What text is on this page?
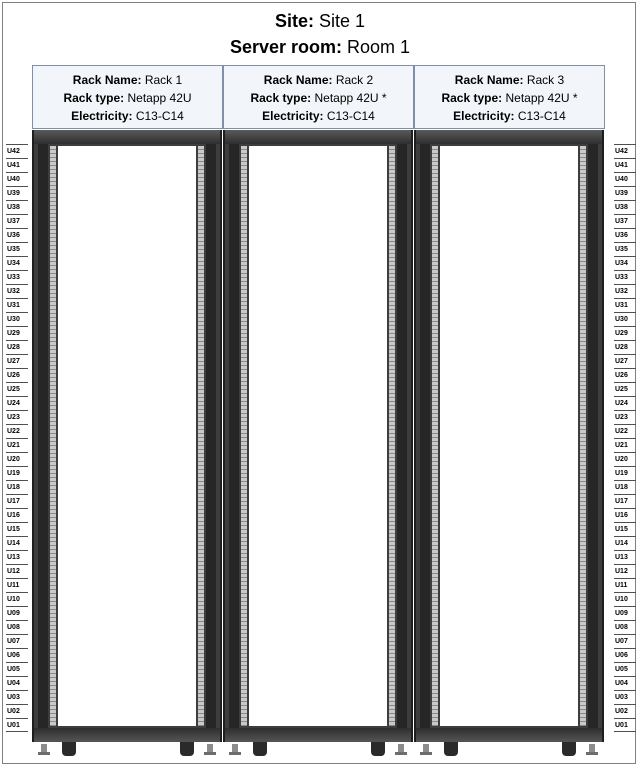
Site: Site 1
Server room: Room 1
Rack Name: Rack 1
Rack type: Netapp 42U
Electricity: C13-C14
Rack Name: Rack 2
Rack type: Netapp 42U *
Electricity: C13-C14
Rack Name: Rack 3
Rack type: Netapp 42U *
Electricity: C13-C14
U42
U41
U40
U39
U38
U37
U36
U35
U34
U33
U32
U31
U30
U29
U28
U27
U26
U25
U24
U23
U22
U21
U20
U19
U18
U17
U16
U15
U14
U13
U12
U11
U10
U09
U08
U07
U06
U05
U04
U03
U02
U01
U42
U41
U40
U39
U38
U37
U36
U35
U34
U33
U32
U31
U30
U29
U28
U27
U26
U25
U24
U23
U22
U21
U20
U19
U18
U17
U16
U15
U14
U13
U12
U11
U10
U09
U08
U07
U06
U05
U04
U03
U02
U01
